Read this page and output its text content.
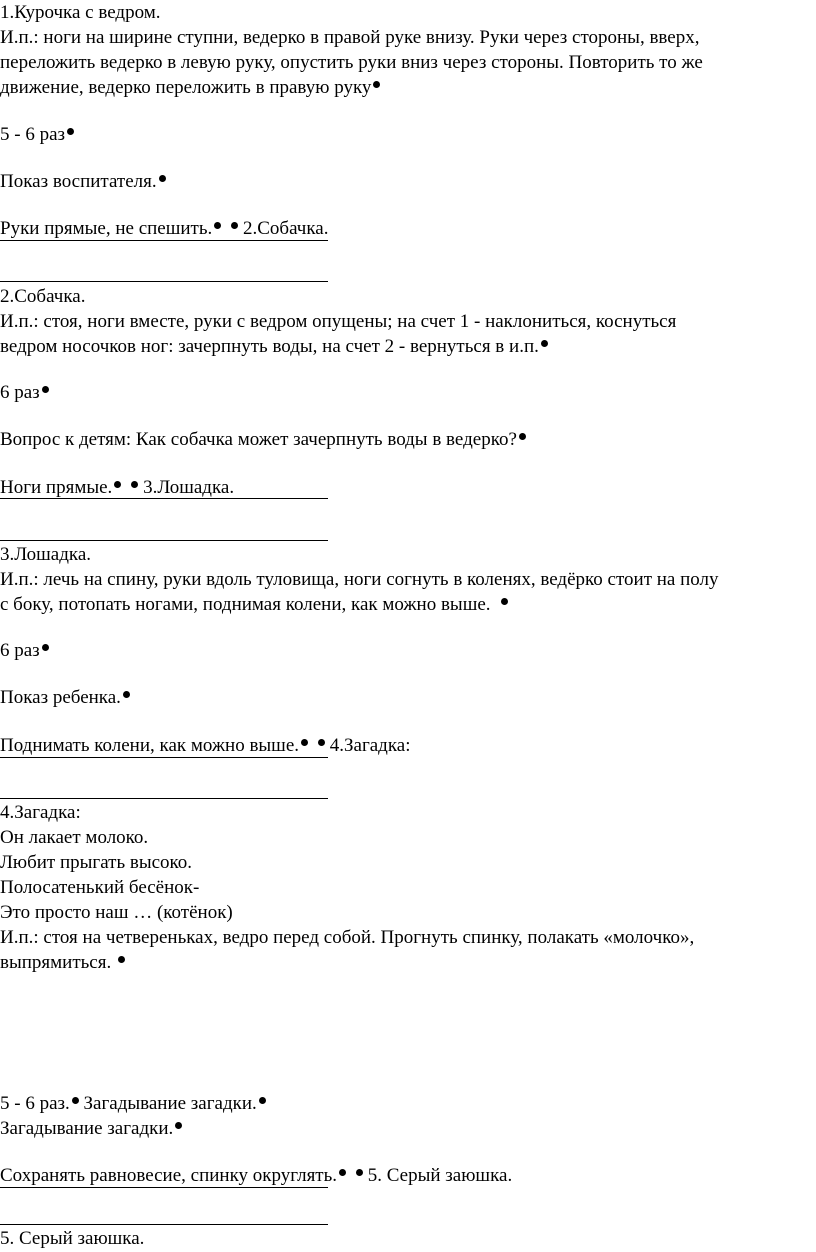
1.Курочка с ведром.
И.п.: ноги на ширине ступни, ведерко в правой руке внизу. Руки через стороны, вверх,
переложить ведерко в левую руку, опустить руки вниз через стороны. Повторить то же
движение, ведерко переложить в правую руку
5 - 6 раз
Показ воспитателя.
Руки прямые, не спешить. 2.Собачка.
2.Собачка.
И.п.: стоя, ноги вместе, руки с ведром опущены; на счет 1 - наклониться, коснуться
ведром носочков ног: зачерпнуть воды, на счет 2 - вернуться в и.п.
6 раз
Вопрос к детям: Как собачка может зачерпнуть воды в ведерко?
Ноги прямые. 3.Лошадка.
3.Лошадка.
И.п.: лечь на спину, руки вдоль туловища, ноги согнуть в коленях, ведёрко стоит на полу
с боку, потопать ногами, поднимая колени, как можно выше.
6 раз
Показ ребенка.
Поднимать колени, как можно выше. 4.Загадка:
4.Загадка:
Он лакает молоко.
Любит прыгать высоко.
Полосатенький бесёнок-
Это просто наш … (котёнок)
И.п.: стоя на четвереньках, ведро перед собой. Прогнуть спинку, полакать «молочко»,
выпрямиться.
5 - 6 раз. Загадывание загадки.
Загадывание загадки.
Сохранять равновесие, спинку округлять. 5. Серый заюшка.
5. Серый заюшка.
